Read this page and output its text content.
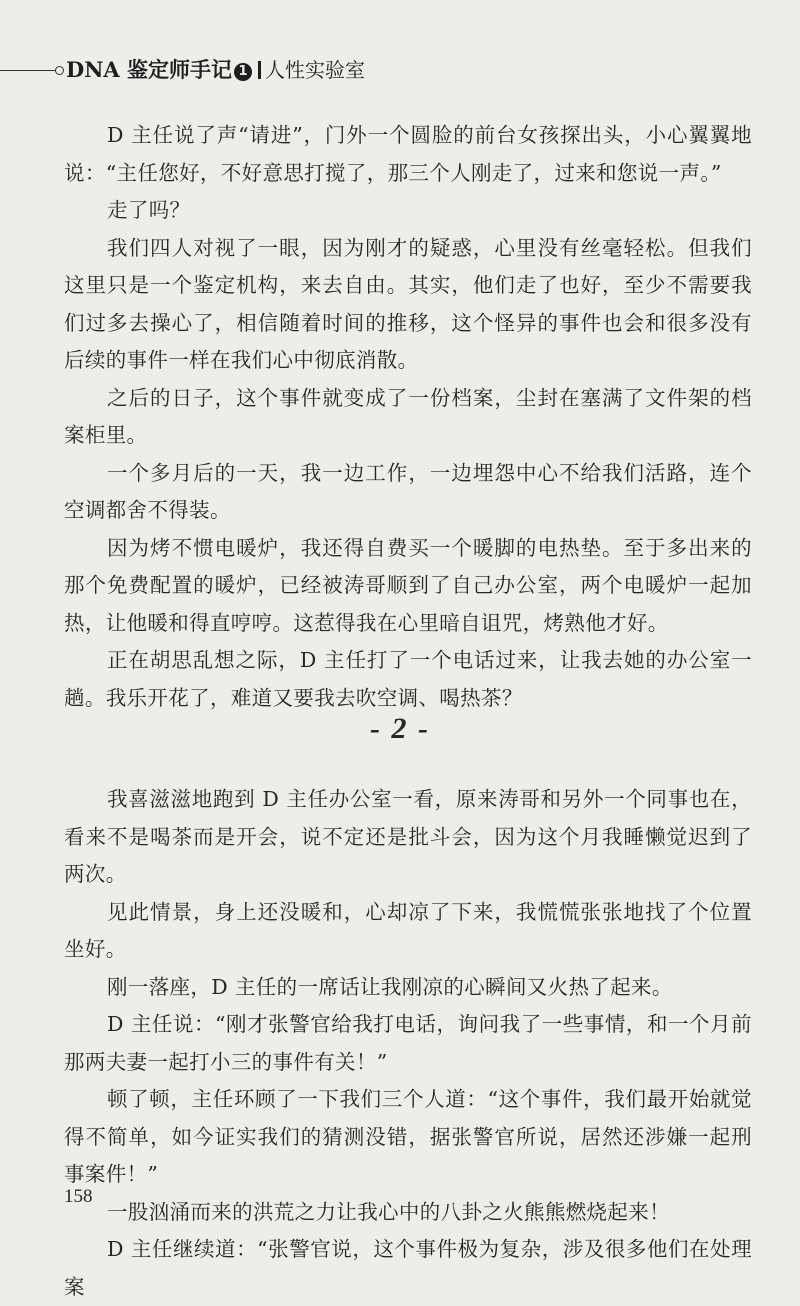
DNA 鉴定师手记 1 人性实验室

D 主任说了声“请进”，门外一个圆脸的前台女孩探出头，小心翼翼地说：“主任您好，不好意思打搅了，那三个人刚走了，过来和您说一声。”

走了吗？

我们四人对视了一眼，因为刚才的疑惑，心里没有丝毫轻松。但我们这里只是一个鉴定机构，来去自由。其实，他们走了也好，至少不需要我们过多去操心了，相信随着时间的推移，这个怪异的事件也会和很多没有后续的事件一样在我们心中彻底消散。

之后的日子，这个事件就变成了一份档案，尘封在塞满了文件架的档案柜里。

一个多月后的一天，我一边工作，一边埋怨中心不给我们活路，连个空调都舍不得装。

因为烤不惯电暖炉，我还得自费买一个暖脚的电热垫。至于多出来的那个免费配置的暖炉，已经被涛哥顺到了自己办公室，两个电暖炉一起加热，让他暖和得直哼哼。这惹得我在心里暗自诅咒，烤熟他才好。

正在胡思乱想之际，D 主任打了一个电话过来，让我去她的办公室一趟。我乐开花了，难道又要我去吹空调、喝热茶？

- 2 -

我喜滋滋地跑到 D 主任办公室一看，原来涛哥和另外一个同事也在，看来不是喝茶而是开会，说不定还是批斗会，因为这个月我睡懒觉迟到了两次。

见此情景，身上还没暖和，心却凉了下来，我慌慌张张地找了个位置坐好。

刚一落座，D 主任的一席话让我刚凉的心瞬间又火热了起来。

D 主任说：“刚才张警官给我打电话，询问我了一些事情，和一个月前那两夫妻一起打小三的事件有关！”

顿了顿，主任环顾了一下我们三个人道：“这个事件，我们最开始就觉得不简单，如今证实我们的猜测没错，据张警官所说，居然还涉嫌一起刑事案件！”

一股汹涌而来的洪荒之力让我心中的八卦之火熊熊燃烧起来！

D 主任继续道：“张警官说，这个事件极为复杂，涉及很多他们在处理案

158
